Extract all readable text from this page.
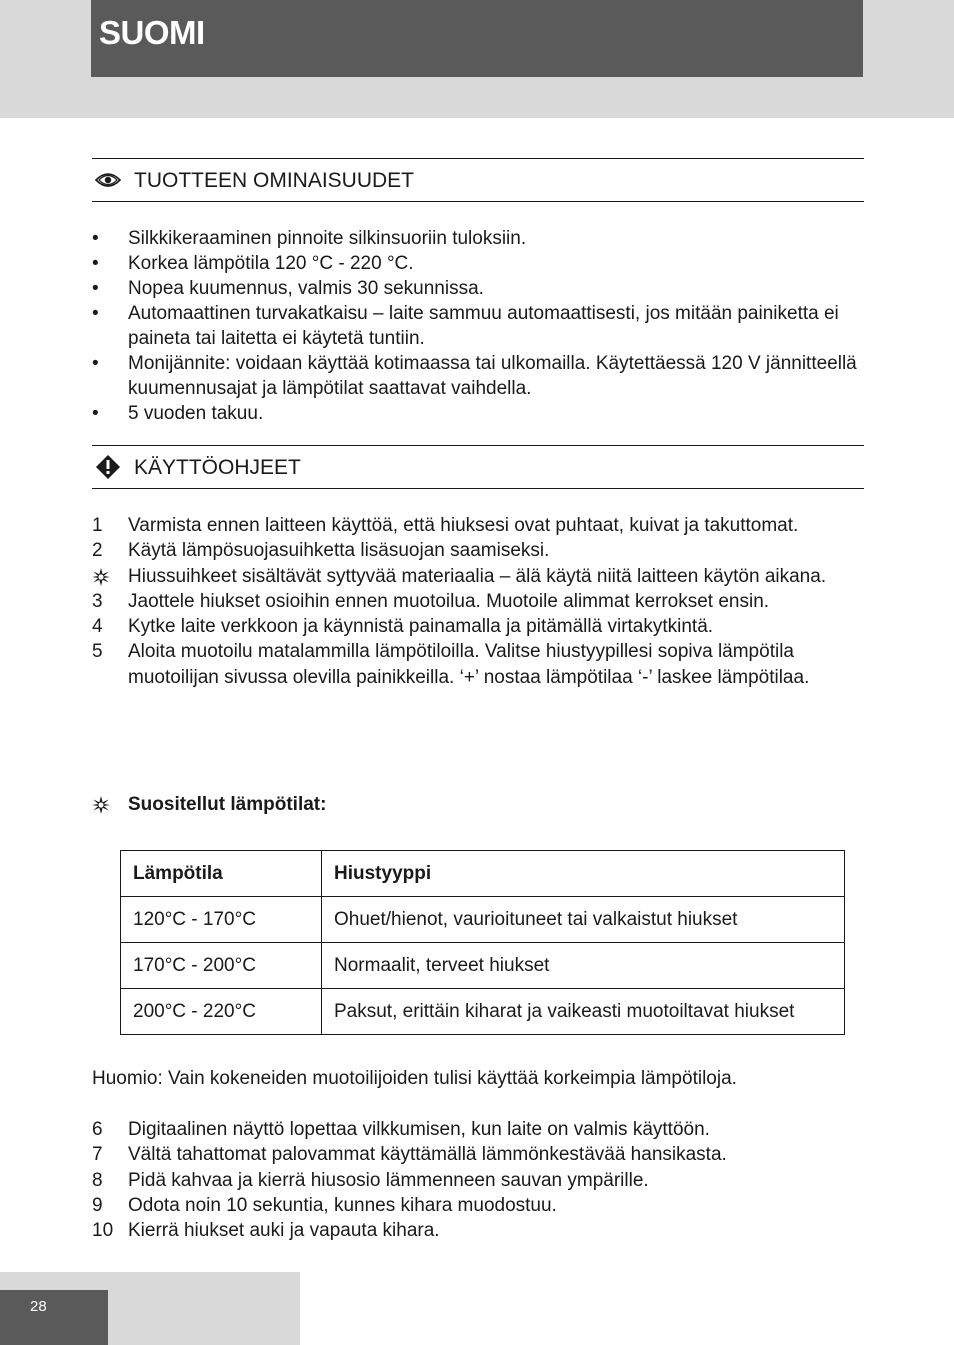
SUOMI
TUOTTEEN OMINAISUUDET
• Silkkikeraaminen pinnoite silkinsuoriin tuloksiin.
• Korkea lämpötila 120 °C - 220 °C.
• Nopea kuumennus, valmis 30 sekunnissa.
• Automaattinen turvakatkaisu – laite sammuu automaattisesti, jos mitään painiketta ei paineta tai laitetta ei käytetä tuntiin.
• Monijännite: voidaan käyttää kotimaassa tai ulkomailla. Käytettäessä 120 V jännitteellä kuumennusajat ja lämpötilat saattavat vaihdella.
• 5 vuoden takuu.
KÄYTTÖOHJEET
1	Varmista ennen laitteen käyttöä, että hiuksesi ovat puhtaat, kuivat ja takuttomat.
2	Käytä lämpösuojasuihketta lisäsuojan saamiseksi.
Hiussuihkeet sisältävät syttyvää materiaalia – älä käytä niitä laitteen käytön aikana.
3	Jaottele hiukset osioihin ennen muotoilua. Muotoile alimmat kerrokset ensin.
4	Kytke laite verkkoon ja käynnistä painamalla ja pitämällä virtakytkintä.
5	Aloita muotoilu matalammilla lämpötiloilla. Valitse hiustyypillesi sopiva lämpötila muotoilijan sivussa olevilla painikkeilla. ‘+’ nostaa lämpötilaa ‘-’ laskee lämpötilaa.
Suositellut lämpötilat:
Lämpötila	Hiustyyppi
120°C - 170°C	Ohuet/hienot, vaurioituneet tai valkaistut hiukset
170°C - 200°C	Normaalit, terveet hiukset
200°C - 220°C	Paksut, erittäin kiharat ja vaikeasti muotoiltavat hiukset
Huomio: Vain kokeneiden muotoilijoiden tulisi käyttää korkeimpia lämpötiloja.
6	Digitaalinen näyttö lopettaa vilkkumisen, kun laite on valmis käyttöön.
7	Vältä tahattomat palovammat käyttämällä lämmönkestävää hansikasta.
8	Pidä kahvaa ja kierrä hiusosio lämmenneen sauvan ympärille.
9	Odota noin 10 sekuntia, kunnes kihara muodostuu.
10 Kierrä hiukset auki ja vapauta kihara.
28
